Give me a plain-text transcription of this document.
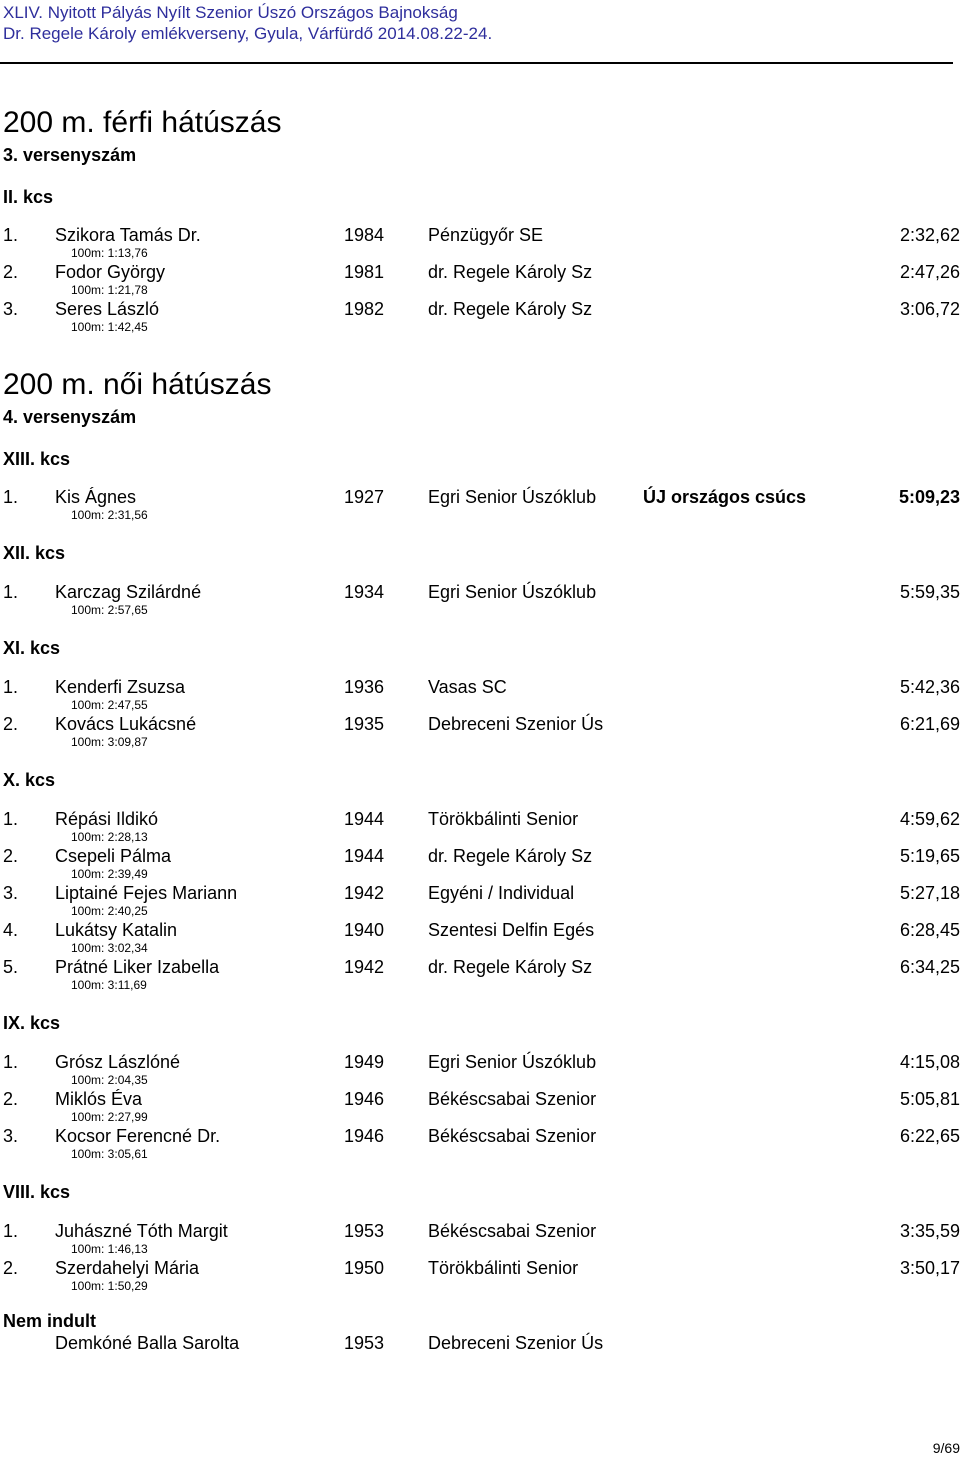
XLIV. Nyitott Pályás Nyílt Szenior Úszó Országos Bajnokság
Dr. Regele Károly emlékverseny, Gyula, Várfürdő 2014.08.22-24.
200 m. férfi hátúszás
3. versenyszám
II. kcs
1. Szikora Tamás Dr.	1984 Pénzügyőr SE	2:32,62
100m: 1:13,76
2. Fodor György	1981 dr. Regele Károly Sz	2:47,26
100m: 1:21,78
3. Seres László	1982 dr. Regele Károly Sz	3:06,72
100m: 1:42,45
200 m. női hátúszás
4. versenyszám
XIII. kcs
1. Kis Ágnes	1927 Egri Senior Úszóklub	ÚJ országos csúcs	5:09,23
100m: 2:31,56
XII. kcs
1. Karczag Szilárdné	1934 Egri Senior Úszóklub	5:59,35
100m: 2:57,65
XI. kcs
1. Kenderfi Zsuzsa	1936 Vasas SC	5:42,36
100m: 2:47,55
2. Kovács Lukácsné	1935 Debreceni Szenior Ús	6:21,69
100m: 3:09,87
X. kcs
1. Répási Ildikó	1944 Törökbálinti Senior	4:59,62
100m: 2:28,13
2. Csepeli Pálma	1944 dr. Regele Károly Sz	5:19,65
100m: 2:39,49
3. Liptainé Fejes Mariann	1942 Egyéni / Individual	5:27,18
100m: 2:40,25
4. Lukátsy Katalin	1940 Szentesi Delfin Egés	6:28,45
100m: 3:02,34
5. Prátné Liker Izabella	1942 dr. Regele Károly Sz	6:34,25
100m: 3:11,69
IX. kcs
1. Grósz Lászlóné	1949 Egri Senior Úszóklub	4:15,08
100m: 2:04,35
2. Miklós Éva	1946 Békéscsabai Szenior	5:05,81
100m: 2:27,99
3. Kocsor Ferencné Dr.	1946 Békéscsabai Szenior	6:22,65
100m: 3:05,61
VIII. kcs
1. Juhászné Tóth Margit	1953 Békéscsabai Szenior	3:35,59
100m: 1:46,13
2. Szerdahelyi Mária	1950 Törökbálinti Senior	3:50,17
100m: 1:50,29
Nem indult
Demkóné Balla Sarolta	1953 Debreceni Szenior Ús
9/69
